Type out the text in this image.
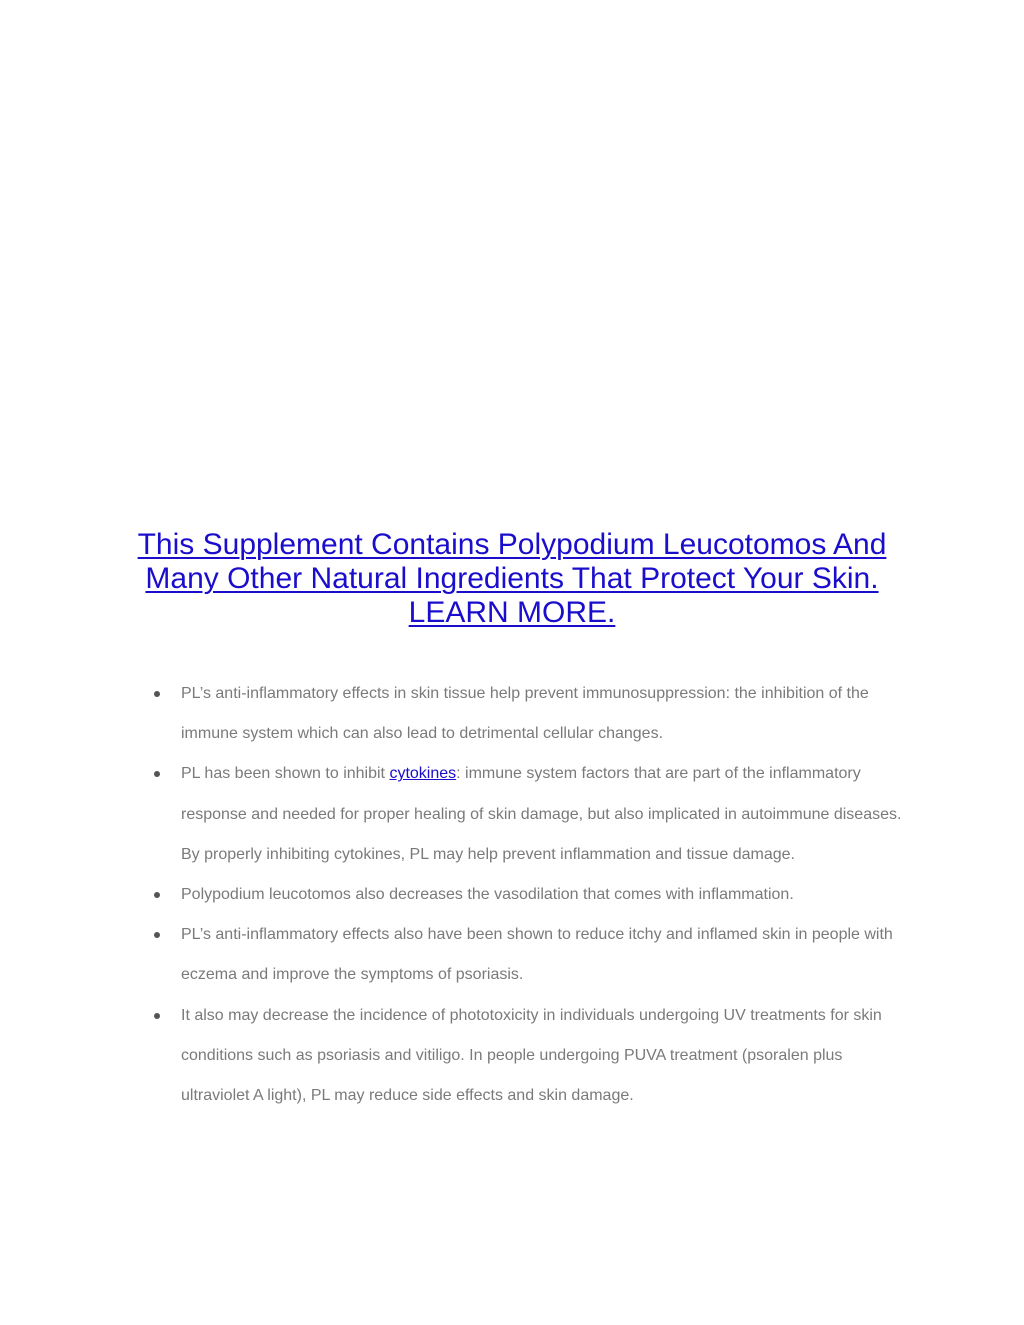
This Supplement Contains Polypodium Leucotomos And
Many Other Natural Ingredients That Protect Your Skin.
LEARN MORE.
PL’s anti-inflammatory effects in skin tissue help prevent immunosuppression: the inhibition of the immune system which can also lead to detrimental cellular changes.
PL has been shown to inhibit cytokines: immune system factors that are part of the inflammatory response and needed for proper healing of skin damage, but also implicated in autoimmune diseases. By properly inhibiting cytokines, PL may help prevent inflammation and tissue damage.
Polypodium leucotomos also decreases the vasodilation that comes with inflammation.
PL’s anti-inflammatory effects also have been shown to reduce itchy and inflamed skin in people with eczema and improve the symptoms of psoriasis.
It also may decrease the incidence of phototoxicity in individuals undergoing UV treatments for skin conditions such as psoriasis and vitiligo. In people undergoing PUVA treatment (psoralen plus ultraviolet A light), PL may reduce side effects and skin damage.
